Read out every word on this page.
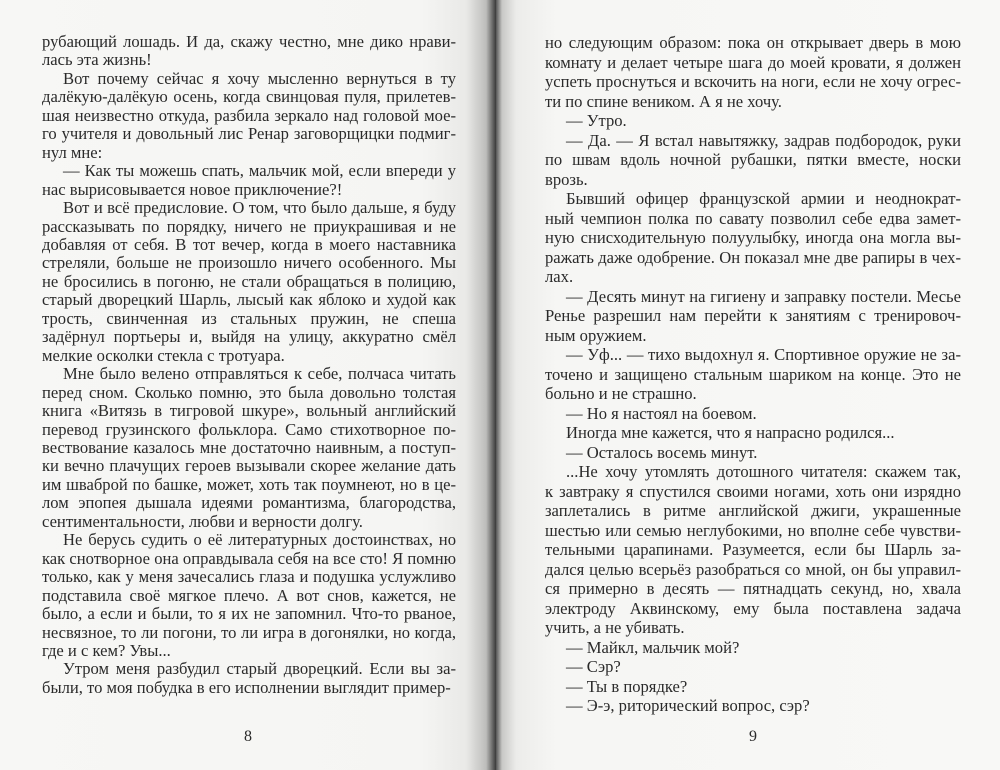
рубающий лошадь. И да, скажу честно, мне дико нрави-
лась эта жизнь!
Вот почему сейчас я хочу мысленно вернуться в ту
далёкую-далёкую осень, когда свинцовая пуля, прилетев-
шая неизвестно откуда, разбила зеркало над головой мое-
го учителя и довольный лис Ренар заговорщицки подмиг-
нул мне:
— Как ты можешь спать, мальчик мой, если впереди у
нас вырисовывается новое приключение?!
Вот и всё предисловие. О том, что было дальше, я буду
рассказывать по порядку, ничего не приукрашивая и не
добавляя от себя. В тот вечер, когда в моего наставника
стреляли, больше не произошло ничего особенного. Мы
не бросились в погоню, не стали обращаться в полицию,
старый дворецкий Шарль, лысый как яблоко и худой как
трость, свинченная из стальных пружин, не спеша
задёрнул портьеры и, выйдя на улицу, аккуратно смёл
мелкие осколки стекла с тротуара.
Мне было велено отправляться к себе, полчаса читать
перед сном. Сколько помню, это была довольно толстая
книга «Витязь в тигровой шкуре», вольный английский
перевод грузинского фольклора. Само стихотворное по-
вествование казалось мне достаточно наивным, а поступ-
ки вечно плачущих героев вызывали скорее желание дать
им шваброй по башке, может, хоть так поумнеют, но в це-
лом эпопея дышала идеями романтизма, благородства,
сентиментальности, любви и верности долгу.
Не берусь судить о её литературных достоинствах, но
как снотворное она оправдывала себя на все сто! Я помню
только, как у меня зачесались глаза и подушка услужливо
подставила своё мягкое плечо. А вот снов, кажется, не
было, а если и были, то я их не запомнил. Что-то рваное,
несвязное, то ли погони, то ли игра в догонялки, но когда,
где и с кем? Увы...
Утром меня разбудил старый дворецкий. Если вы за-
были, то моя побудка в его исполнении выглядит пример-
8
но следующим образом: пока он открывает дверь в мою
комнату и делает четыре шага до моей кровати, я должен
успеть проснуться и вскочить на ноги, если не хочу огрес-
ти по спине веником. А я не хочу.
— Утро.
— Да. — Я встал навытяжку, задрав подбородок, руки
по швам вдоль ночной рубашки, пятки вместе, носки
врозь.
Бывший офицер французской армии и неоднократ-
ный чемпион полка по савату позволил себе едва замет-
ную снисходительную полуулыбку, иногда она могла вы-
ражать даже одобрение. Он показал мне две рапиры в чех-
лах.
— Десять минут на гигиену и заправку постели. Месье
Ренье разрешил нам перейти к занятиям с тренировоч-
ным оружием.
— Уф... — тихо выдохнул я. Спортивное оружие не за-
точено и защищено стальным шариком на конце. Это не
больно и не страшно.
— Но я настоял на боевом.
Иногда мне кажется, что я напрасно родился...
— Осталось восемь минут.
...Не хочу утомлять дотошного читателя: скажем так,
к завтраку я спустился своими ногами, хоть они изрядно
заплетались в ритме английской джиги, украшенные
шестью или семью неглубокими, но вполне себе чувстви-
тельными царапинами. Разумеется, если бы Шарль за-
дался целью всерьёз разобраться со мной, он бы управил-
ся примерно в десять — пятнадцать секунд, но, хвала
электроду Аквинскому, ему была поставлена задача
учить, а не убивать.
— Майкл, мальчик мой?
— Сэр?
— Ты в порядке?
— Э-э, риторический вопрос, сэр?
9
